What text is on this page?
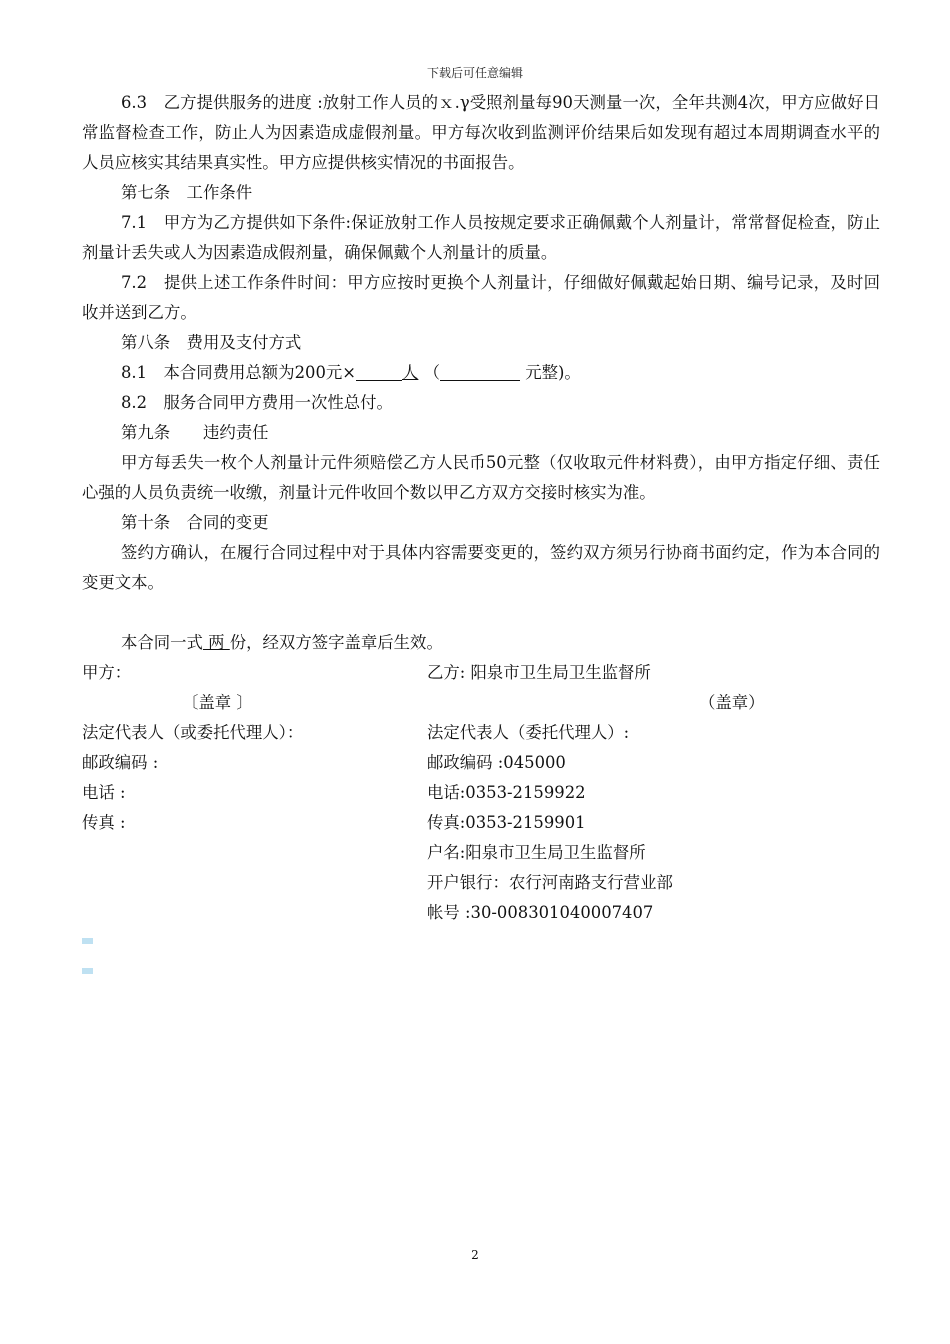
下载后可任意编辑

6.3　乙方提供服务的进度 :放射工作人员的ｘ.γ受照剂量每90天测量一次，全年共测4次，甲方应做好日常监督检查工作，防止人为因素造成虚假剂量。甲方每次收到监测评价结果后如发现有超过本周期调查水平的人员应核实其结果真实性。甲方应提供核实情况的书面报告。

第七条　工作条件

7.1　甲方为乙方提供如下条件:保证放射工作人员按规定要求正确佩戴个人剂量计，常常督促检查，防止剂量计丢失或人为因素造成假剂量，确保佩戴个人剂量计的质量。

7.2　提供上述工作条件时间：甲方应按时更换个人剂量计，仔细做好佩戴起始日期、编号记录，及时回收并送到乙方。

第八条　费用及支付方式

8.1　本合同费用总额为200元×	人 （	元整)。

8.2　服务合同甲方费用一次性总付。

第九条　　违约责任

甲方每丢失一枚个人剂量计元件须赔偿乙方人民币50元整（仅收取元件材料费），由甲方指定仔细、责任心强的人员负责统一收缴，剂量计元件收回个数以甲乙方双方交接时核实为准。

第十条　合同的变更

签约方确认，在履行合同过程中对于具体内容需要变更的，签约双方须另行协商书面约定，作为本合同的变更文本。

本合同一式 两 份，经双方签字盖章后生效。

甲方：	乙方: 阳泉市卫生局卫生监督所
〔盖章 〕	（盖章）
法定代表人（或委托代理人）：	法定代表人（委托代理人）:
邮政编码 :	邮政编码 :045000
电话 :	电话:0353-2159922
传真 :	传真:0353-2159901
户名:阳泉市卫生局卫生监督所
开户银行：农行河南路支行营业部
帐号 :30-008301040007407
2
